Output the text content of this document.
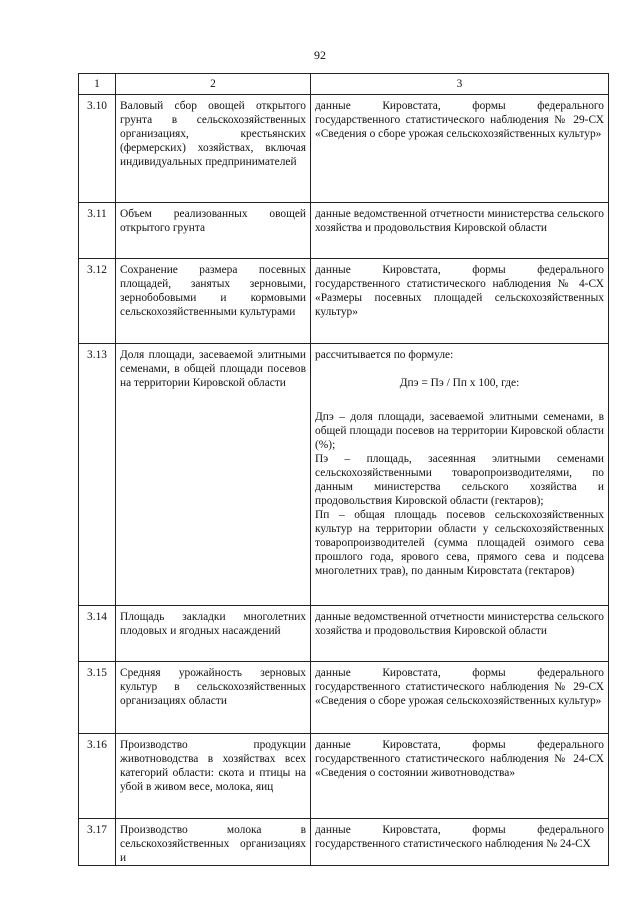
92
1	2	3
3.10	Валовый сбор овощей открытого грунта в сельскохозяйственных организациях, крестьянских (фермерских) хозяйствах, включая индивидуальных предпринимателей	данные Кировстата, формы федерального государственного статистического наблюдения № 29-СХ «Сведения о сборе урожая сельскохозяйственных культур»
3.11	Объем реализованных овощей открытого грунта	данные ведомственной отчетности министерства сельского хозяйства и продовольствия Кировской области
3.12	Сохранение размера посевных площадей, занятых зерновыми, зернобобовыми и кормовыми сельскохозяйственными культурами	данные Кировстата, формы федерального государственного статистического наблюдения № 4-СХ «Размеры посевных площадей сельскохозяйственных культур»
3.13	Доля площади, засеваемой элитными семенами, в общей площади посевов на территории Кировской области	рассчитывается по формуле:
Дпэ = Пэ / Пп х 100, где:
Дпэ – доля площади, засеваемой элитными семенами, в общей площади посевов на территории Кировской области (%);
Пэ – площадь, засеянная элитными семенами сельскохозяйственными товаропроизводителями, по данным министерства сельского хозяйства и продовольствия Кировской области (гектаров);
Пп – общая площадь посевов сельскохозяйственных культур на территории области у сельскохозяйственных товаропроизводителей (сумма площадей озимого сева прошлого года, ярового сева, прямого сева и подсева многолетних трав), по данным Кировстата (гектаров)

3.14	Площадь закладки многолетних плодовых и ягодных насаждений	данные ведомственной отчетности министерства сельского хозяйства и продовольствия Кировской области
3.15	Средняя урожайность зерновых культур в сельскохозяйственных организациях области	данные Кировстата, формы федерального государственного статистического наблюдения № 29-СХ «Сведения о сборе урожая сельскохозяйственных культур»
3.16	Производство продукции животноводства в хозяйствах всех категорий области: скота и птицы на убой в живом весе, молока, яиц	данные Кировстата, формы федерального государственного статистического наблюдения № 24-СХ «Сведения о состоянии животноводства»
3.17	Производство молока в сельскохозяйственных организациях и	данные Кировстата, формы федерального государственного статистического наблюдения № 24-СХ
